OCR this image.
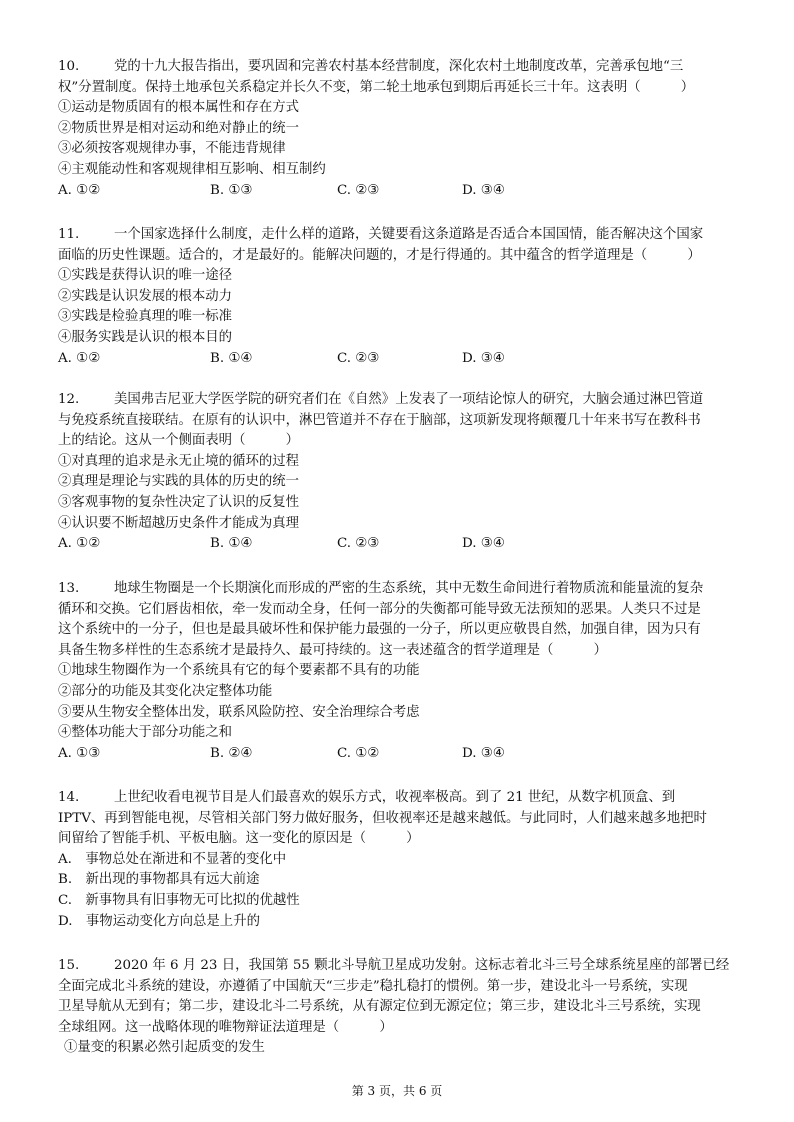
10.	党的十九大报告指出，要巩固和完善农村基本经营制度，深化农村土地制度改革，完善承包地“三
权”分置制度。保持土地承包关系稳定并长久不变，第二轮土地承包到期后再延长三十年。这表明（　　　）
①运动是物质固有的根本属性和存在方式
②物质世界是相对运动和绝对静止的统一
③必须按客观规律办事，不能违背规律
④主观能动性和客观规律相互影响、相互制约
A. ①②	B. ①③	C. ②③	D. ③④
11.	一个国家选择什么制度，走什么样的道路，关键要看这条道路是否适合本国国情，能否解决这个国家
面临的历史性课题。适合的，才是最好的。能解决问题的，才是行得通的。其中蕴含的哲学道理是（　　　）
①实践是获得认识的唯一途径
②实践是认识发展的根本动力
③实践是检验真理的唯一标准
④服务实践是认识的根本目的
A. ①②	B. ①④	C. ②③	D. ③④
12.	美国弗吉尼亚大学医学院的研究者们在《自然》上发表了一项结论惊人的研究，大脑会通过淋巴管道
与免疫系统直接联结。在原有的认识中，淋巴管道并不存在于脑部，这项新发现将颠覆几十年来书写在教科书
上的结论。这从一个侧面表明（　　　）
①对真理的追求是永无止境的循环的过程
②真理是理论与实践的具体的历史的统一
③客观事物的复杂性决定了认识的反复性
④认识要不断超越历史条件才能成为真理
A. ①②	B. ①④	C. ②③	D. ③④
13.	地球生物圈是一个长期演化而形成的严密的生态系统，其中无数生命间进行着物质流和能量流的复杂
循环和交换。它们唇齿相依，牵一发而动全身，任何一部分的失衡都可能导致无法预知的恶果。人类只不过是
这个系统中的一分子，但也是最具破坏性和保护能力最强的一分子，所以更应敬畏自然，加强自律，因为只有
具备生物多样性的生态系统才是最持久、最可持续的。这一表述蕴含的哲学道理是（　　　）
①地球生物圈作为一个系统具有它的每个要素都不具有的功能
②部分的功能及其变化决定整体功能
③要从生物安全整体出发，联系风险防控、安全治理综合考虑
④整体功能大于部分功能之和
A. ①③	B. ②④	C. ①②	D. ③④
14.	上世纪收看电视节目是人们最喜欢的娱乐方式，收视率极高。到了 21 世纪，从数字机顶盒、到
IPTV、再到智能电视，尽管相关部门努力做好服务，但收视率还是越来越低。与此同时，人们越来越多地把时
间留给了智能手机、平板电脑。这一变化的原因是（　　　）
A.　事物总处在渐进和不显著的变化中
B.　新出现的事物都具有远大前途
C.　新事物具有旧事物无可比拟的优越性
D.　事物运动变化方向总是上升的
15.	2020 年 6 月 23 日，我国第 55 颗北斗导航卫星成功发射。这标志着北斗三号全球系统星座的部署已经
全面完成北斗系统的建设，亦遵循了中国航天“三步走”稳扎稳打的惯例。第一步，建设北斗一号系统，实现
卫星导航从无到有；第二步，建设北斗二号系统，从有源定位到无源定位；第三步，建设北斗三号系统，实现
全球组网。这一战略体现的唯物辩证法道理是（　　　）
①量变的积累必然引起质变的发生
第 3 页，共 6 页
